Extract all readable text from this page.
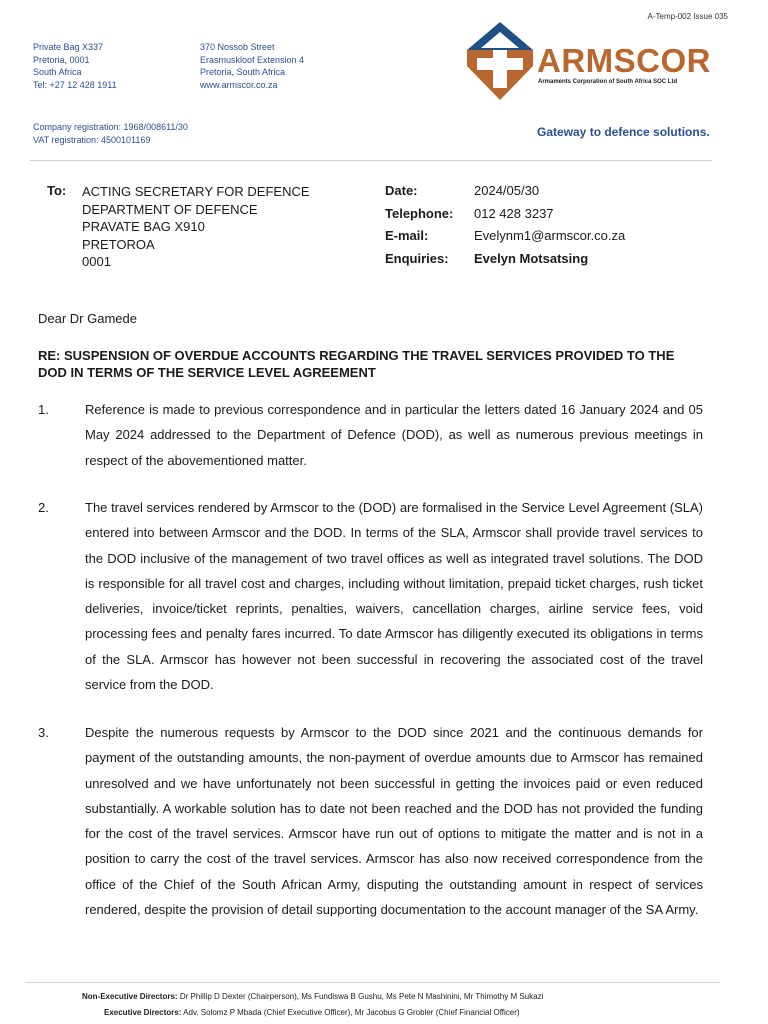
A-Temp-002 Issue 035
Private Bag X337
Pretoria, 0001
South Africa
Tel: +27 12 428 1911
370 Nossob Street
Erasmuskloof Extension 4
Pretoria, South Africa
www.armscor.co.za
Company registration: 1968/008611/30
VAT registration: 4500101169
ARMSCOR
Armaments Corporation of South Africa SOC Ltd
Gateway to defence solutions.
To: ACTING SECRETARY FOR DEFENCE
DEPARTMENT OF DEFENCE
PRAVATE BAG X910
PRETOROA
0001
Date:	2024/05/30
Telephone:	012 428 3237
E-mail:	Evelynm1@armscor.co.za
Enquiries:	Evelyn Motsatsing
Dear Dr Gamede
RE: SUSPENSION OF OVERDUE ACCOUNTS REGARDING THE TRAVEL SERVICES PROVIDED TO THE DOD IN TERMS OF THE SERVICE LEVEL AGREEMENT
1.	Reference is made to previous correspondence and in particular the letters dated 16 January 2024 and 05 May 2024 addressed to the Department of Defence (DOD), as well as numerous previous meetings in respect of the abovementioned matter.
2.	The travel services rendered by Armscor to the (DOD) are formalised in the Service Level Agreement (SLA) entered into between Armscor and the DOD. In terms of the SLA, Armscor shall provide travel services to the DOD inclusive of the management of two travel offices as well as integrated travel solutions. The DOD is responsible for all travel cost and charges, including without limitation, prepaid ticket charges, rush ticket deliveries, invoice/ticket reprints, penalties, waivers, cancellation charges, airline service fees, void processing fees and penalty fares incurred. To date Armscor has diligently executed its obligations in terms of the SLA. Armscor has however not been successful in recovering the associated cost of the travel service from the DOD.
3.	Despite the numerous requests by Armscor to the DOD since 2021 and the continuous demands for payment of the outstanding amounts, the non-payment of overdue amounts due to Armscor has remained unresolved and we have unfortunately not been successful in getting the invoices paid or even reduced substantially. A workable solution has to date not been reached and the DOD has not provided the funding for the cost of the travel services. Armscor have run out of options to mitigate the matter and is not in a position to carry the cost of the travel services. Armscor has also now received correspondence from the office of the Chief of the South African Army, disputing the outstanding amount in respect of services rendered, despite the provision of detail supporting documentation to the account manager of the SA Army.
Non-Executive Directors: Dr Phillip D Dexter (Chairperson), Ms Fundiswa B Gushu, Ms Pete N Mashinini, Mr Thimothy M Sukazi
Executive Directors: Adv. Solomz P Mbada (Chief Executive Officer), Mr Jacobus G Grobler (Chief Financial Officer)
